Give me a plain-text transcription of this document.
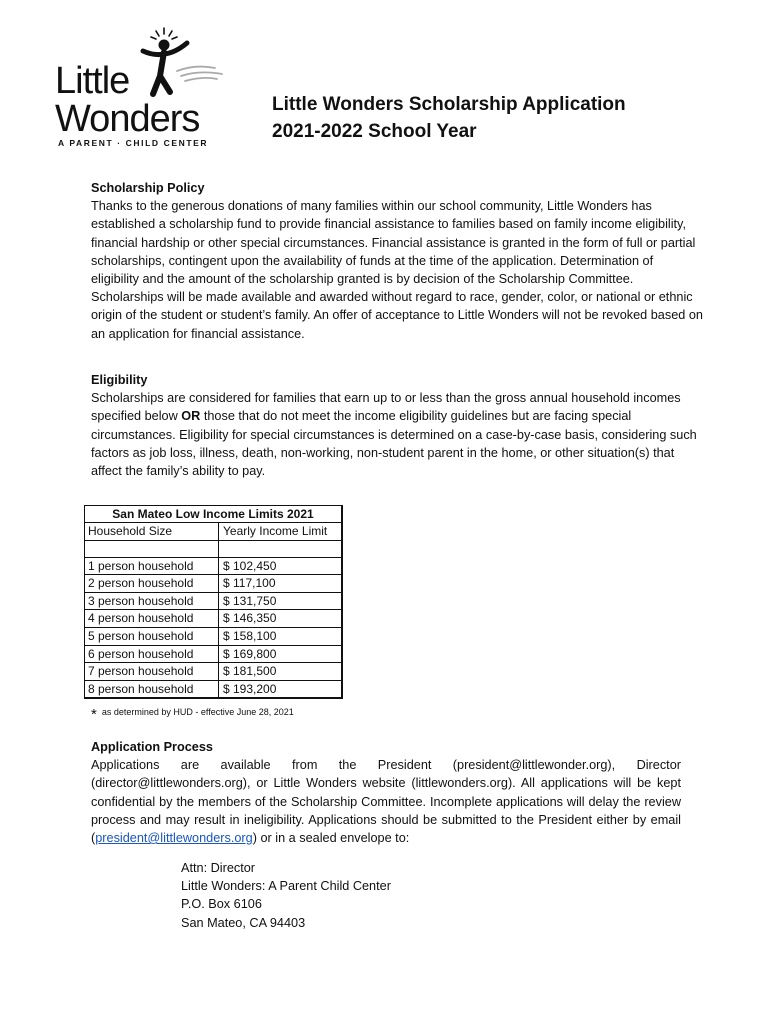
Little
Wonders
A PARENT · CHILD CENTER
Little Wonders Scholarship Application
2021-2022 School Year
Scholarship Policy

Thanks to the generous donations of many families within our school community, Little Wonders has established a scholarship fund to provide financial assistance to families based on family income eligibility, financial hardship or other special circumstances. Financial assistance is granted in the form of full or partial scholarships, contingent upon the availability of funds at the time of the application. Determination of eligibility and the amount of the scholarship granted is by decision of the Scholarship Committee. Scholarships will be made available and awarded without regard to race, gender, color, or national or ethnic origin of the student or student’s family. An offer of acceptance to Little Wonders will not be revoked based on an application for financial assistance.

Eligibility

Scholarships are considered for families that earn up to or less than the gross annual household incomes specified below OR those that do not meet the income eligibility guidelines but are facing special circumstances. Eligibility for special circumstances is determined on a case-by-case basis, considering such factors as job loss, illness, death, non-working, non-student parent in the home, or other situation(s) that affect the family’s ability to pay.

San Mateo Low Income Limits 2021
Household Size	Yearly Income Limit
1 person household	$ 102,450
2 person household	$ 117,100
3 person household	$ 131,750
4 person household	$ 146,350
5 person household	$ 158,100
6 person household	$ 169,800
7 person household	$ 181,500
8 person household	$ 193,200
* as determined by HUD - effective June 28, 2021
Application Process

Applications are available from the President (president@littlewonder.org), Director (director@littlewonders.org), or Little Wonders website (littlewonders.org). All applications will be kept confidential by the members of the Scholarship Committee. Incomplete applications will delay the review process and may result in ineligibility. Applications should be submitted to the President either by email (president@littlewonders.org) or in a sealed envelope to:

Attn: Director
Little Wonders: A Parent Child Center
P.O. Box 6106
San Mateo, CA 94403
